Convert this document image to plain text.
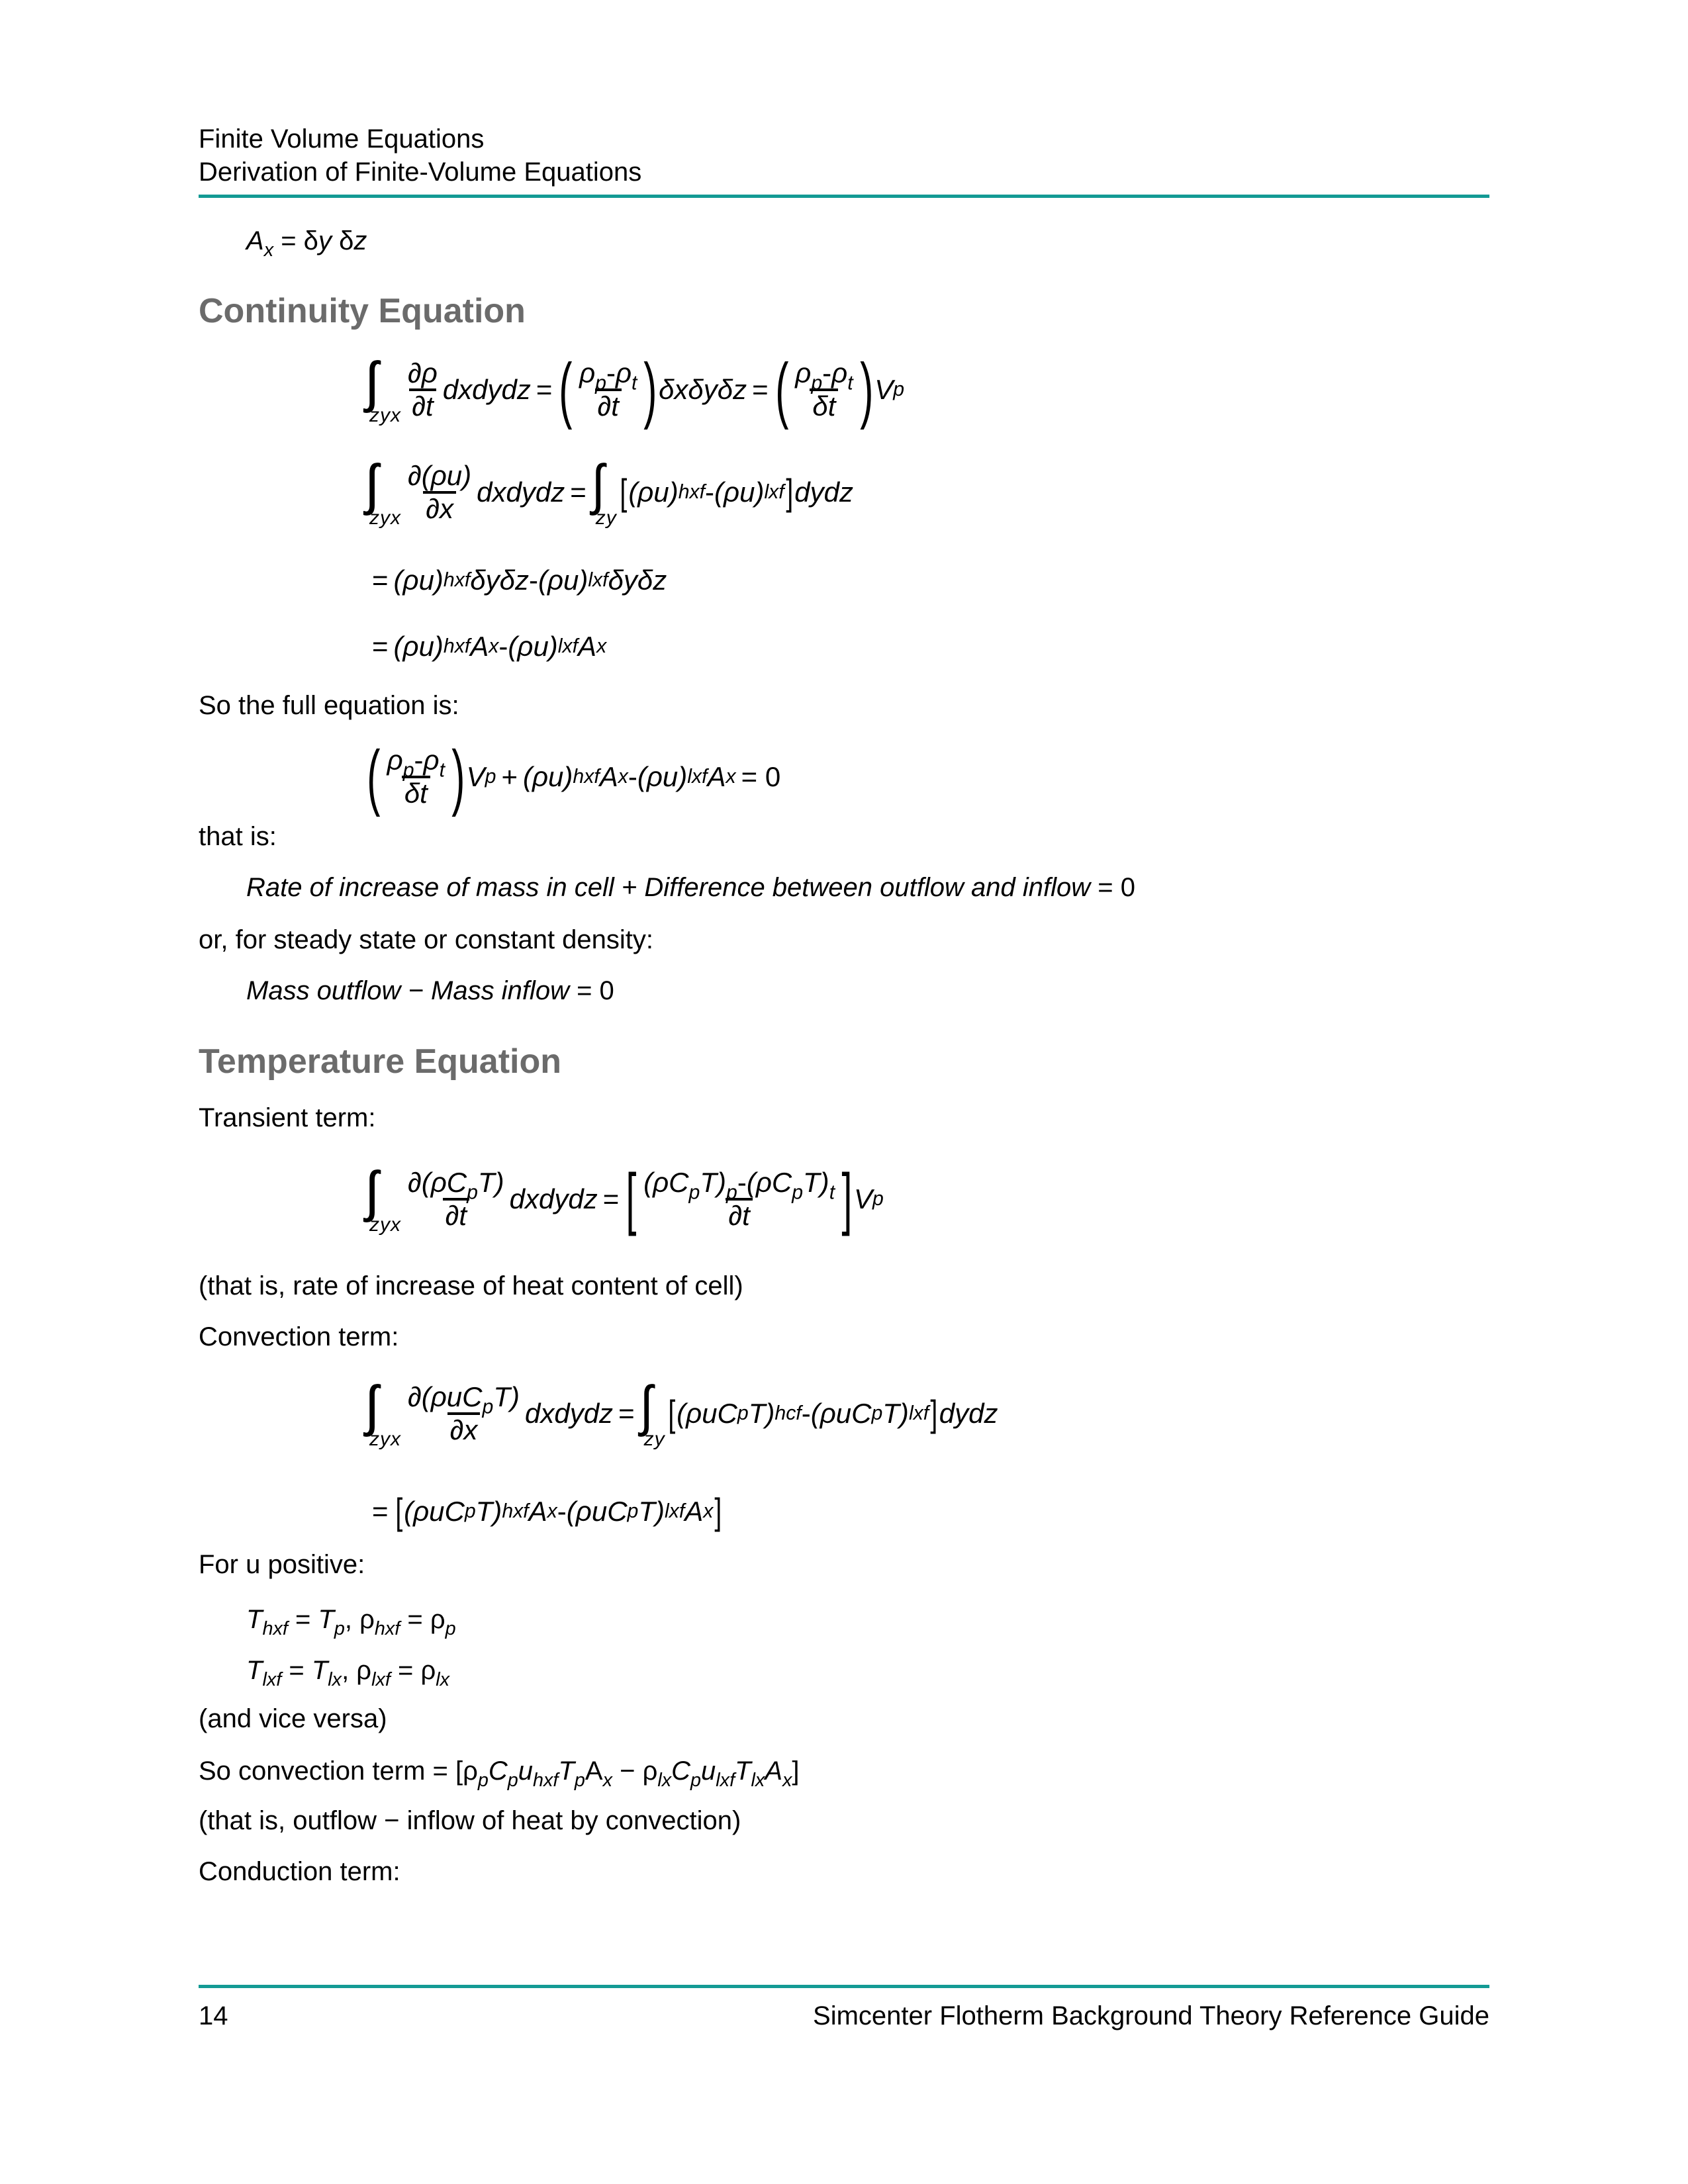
Finite Volume Equations
Derivation of Finite-Volume Equations
$A_x = \delta y$ δz
Continuity Equation
∫∫∫
zyx $\frac{\partial\rho}{\partial t}$ dxdydz = ( $\frac{\rho_p-\rho_t}{\partial t}$ ) δxδyδz = ( $\frac{\rho_p-\rho_t}{\delta t}$ ) V p
∫∫∫
zyx $\frac{\partial(\rho u)}{\partial x}$ dxdydz = ∫∫
zy
[ (ρu) hxf - (ρu) lxf ] dydz
= (ρu) hxf δyδz - (ρu) lxf δyδz
= (ρu) hxf A x - (ρu) lxf A x
So the full equation is:
( $\frac{\rho_p-\rho_t}{\delta t}$ ) V p + (ρu) hxf A x - (ρu) lxf A x = 0
that is:
Rate of increase of mass in cell + Difference between outflow and inflow = 0
or, for steady state or constant density:
Mass outflow − Mass inflow = 0
Temperature Equation
Transient term:
∫∫∫
zyx $\frac{\partial(\rho C_pT)}{\partial t}$ dxdydz = [ $\frac{(\rho C_pT)_p-(\rho C_pT)_t}{\partial t}$ ] V p
(that is, rate of increase of heat content of cell)
Convection term:
∫∫∫
zyx $\frac{\partial(\rho uC_pT)}{\partial x}$ dxdydz = ∫∫
zy
[ (ρuC p T) hcf - (ρuC p T) lxf ] dydz
= [ (ρuC p T) hxf A x - (ρuC p T) lxf A x ]
For u positive:
$T_{hxf} = T_p$, $\rho_{hxf} = \rho_p$
$T_{lxf} = T_{lx}$, $\rho_{lxf} = \rho_{lx}$
(and vice versa)
So convection term = $[\rho_pC_pu_{hxf}T_pA_x - \rho_{lx}C_pu_{lxf}T_{lx}A_x]$
(that is, outflow − inflow of heat by convection)
Conduction term:
14	Simcenter Flotherm Background Theory Reference Guide
